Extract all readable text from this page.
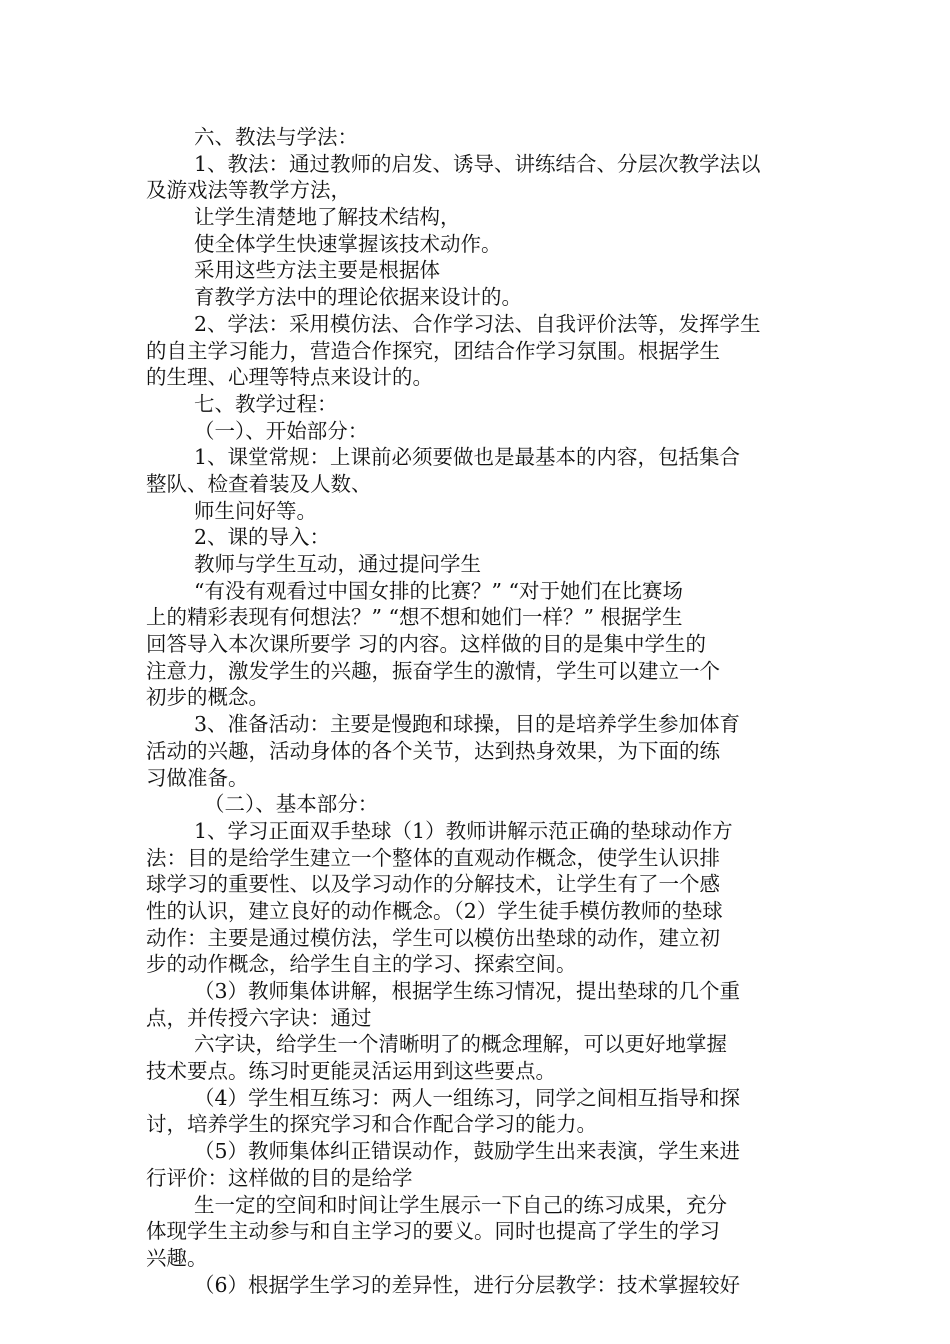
六、教法与学法：
1、教法：通过教师的启发、诱导、讲练结合、分层次教学法以
及游戏法等教学方法，
让学生清楚地了解技术结构，
使全体学生快速掌握该技术动作。
采用这些方法主要是根据体
育教学方法中的理论依据来设计的。
2、学法：采用模仿法、合作学习法、自我评价法等，发挥学生
的自主学习能力，营造合作探究，团结合作学习氛围。根据学生
的生理、心理等特点来设计的。
七、教学过程：
（一）、开始部分：
1、课堂常规：上课前必须要做也是最基本的内容，包括集合
整队、检查着装及人数、
师生问好等。
2、课的导入：
教师与学生互动，通过提问学生
“有没有观看过中国女排的比赛？” “对于她们在比赛场
上的精彩表现有何想法？” “想不想和她们一样？” 根据学生
回答导入本次课所要学 习的内容。这样做的目的是集中学生的
注意力，激发学生的兴趣，振奋学生的激情，学生可以建立一个
初步的概念。
3、准备活动：主要是慢跑和球操，目的是培养学生参加体育
活动的兴趣，活动身体的各个关节，达到热身效果，为下面的练
习做准备。
（二）、基本部分：
1、学习正面双手垫球（1）教师讲解示范正确的垫球动作方
法：目的是给学生建立一个整体的直观动作概念，使学生认识排
球学习的重要性、以及学习动作的分解技术，让学生有了一个感
性的认识，建立良好的动作概念。（2）学生徒手模仿教师的垫球
动作：主要是通过模仿法，学生可以模仿出垫球的动作，建立初
步的动作概念，给学生自主的学习、探索空间。
（3）教师集体讲解，根据学生练习情况，提出垫球的几个重
点，并传授六字诀：通过
六字诀，给学生一个清晰明了的概念理解，可以更好地掌握
技术要点。练习时更能灵活运用到这些要点。
（4）学生相互练习：两人一组练习，同学之间相互指导和探
讨，培养学生的探究学习和合作配合学习的能力。
（5）教师集体纠正错误动作，鼓励学生出来表演，学生来进
行评价：这样做的目的是给学
生一定的空间和时间让学生展示一下自己的练习成果，充分
体现学生主动参与和自主学习的要义。同时也提高了学生的学习
兴趣。
（6）根据学生学习的差异性，进行分层教学：技术掌握较好
